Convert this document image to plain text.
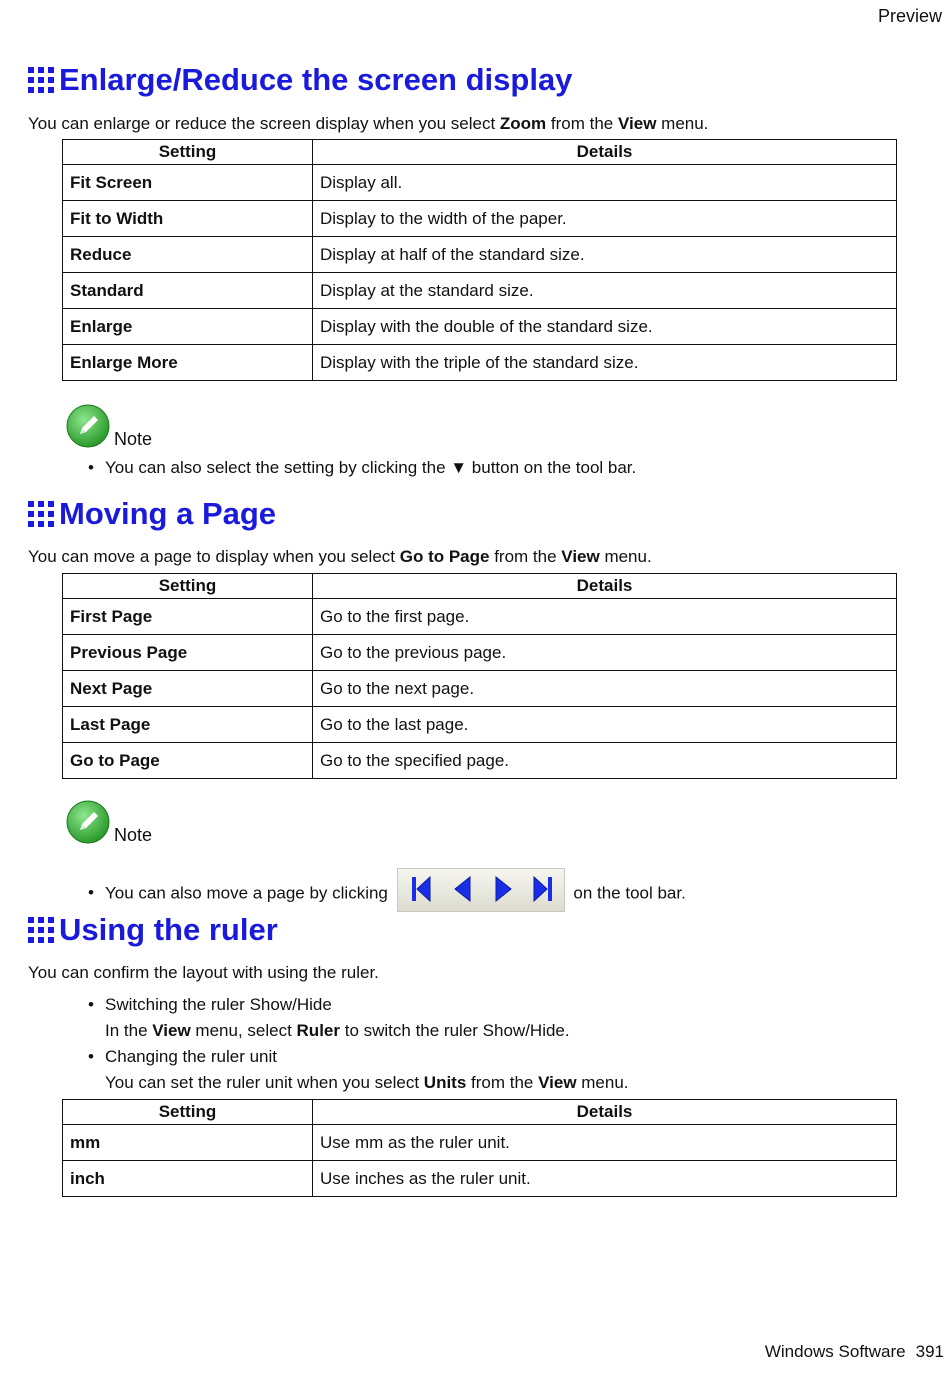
Preview
Enlarge/Reduce the screen display
You can enlarge or reduce the screen display when you select Zoom from the View menu.
Setting	Details
Fit Screen	Display all.
Fit to Width	Display to the width of the paper.
Reduce	Display at half of the standard size.
Standard	Display at the standard size.
Enlarge	Display with the double of the standard size.
Enlarge More	Display with the triple of the standard size.
Note
• You can also select the setting by clicking the ▼ button on the tool bar.
Moving a Page
You can move a page to display when you select Go to Page from the View menu.
Setting	Details
First Page	Go to the first page.
Previous Page	Go to the previous page.
Next Page	Go to the next page.
Last Page	Go to the last page.
Go to Page	Go to the specified page.
Note
• You can also move a page by clicking	on the tool bar.
Using the ruler
You can confirm the layout with using the ruler.
• Switching the ruler Show/Hide
In the View menu, select Ruler to switch the ruler Show/Hide.
• Changing the ruler unit
You can set the ruler unit when you select Units from the View menu.
Setting	Details
mm	Use mm as the ruler unit.
inch	Use inches as the ruler unit.
Windows Software 391
